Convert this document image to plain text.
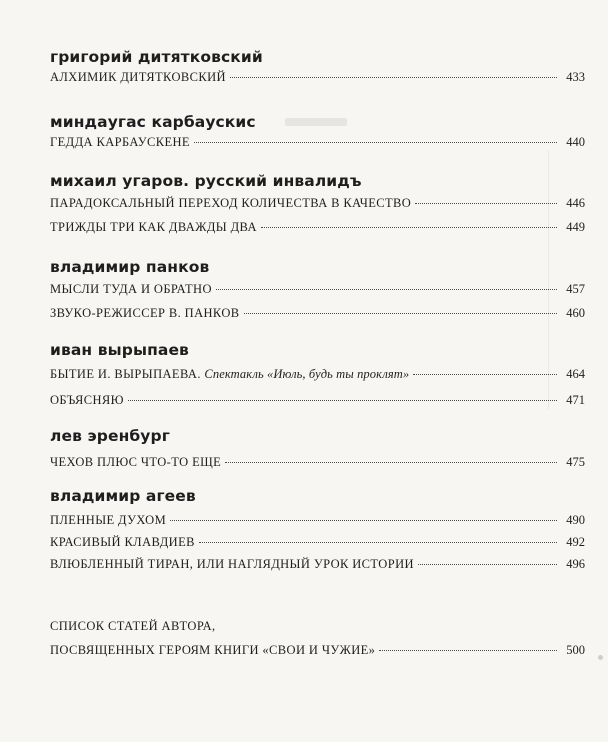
григорий дитятковский
АЛХИМИК ДИТЯТКОВСКИЙ	433
миндаугас карбаускис
ГЕДДА КАРБАУСКЕНЕ	440
михаил угаров. русский инвалидъ
ПАРАДОКСАЛЬНЫЙ ПЕРЕХОД КОЛИЧЕСТВА В КАЧЕСТВО	446
ТРИЖДЫ ТРИ КАК ДВАЖДЫ ДВА	449
владимир панков
МЫСЛИ ТУДА И ОБРАТНО	457
ЗВУКО-РЕЖИССЕР В. ПАНКОВ	460
иван вырыпаев
БЫТИЕ И. ВЫРЫПАЕВА. Спектакль «Июль, будь ты проклят»	464
ОБЪЯСНЯЮ	471
лев эренбург
ЧЕХОВ ПЛЮС ЧТО-ТО ЕЩЕ	475
владимир агеев
ПЛЕННЫЕ ДУХОМ	490
КРАСИВЫЙ КЛАВДИЕВ	492
ВЛЮБЛЕННЫЙ ТИРАН, ИЛИ НАГЛЯДНЫЙ УРОК ИСТОРИИ	496
СПИСОК СТАТЕЙ АВТОРА,
ПОСВЯЩЕННЫХ ГЕРОЯМ КНИГИ «СВОИ И ЧУЖИЕ»	500
